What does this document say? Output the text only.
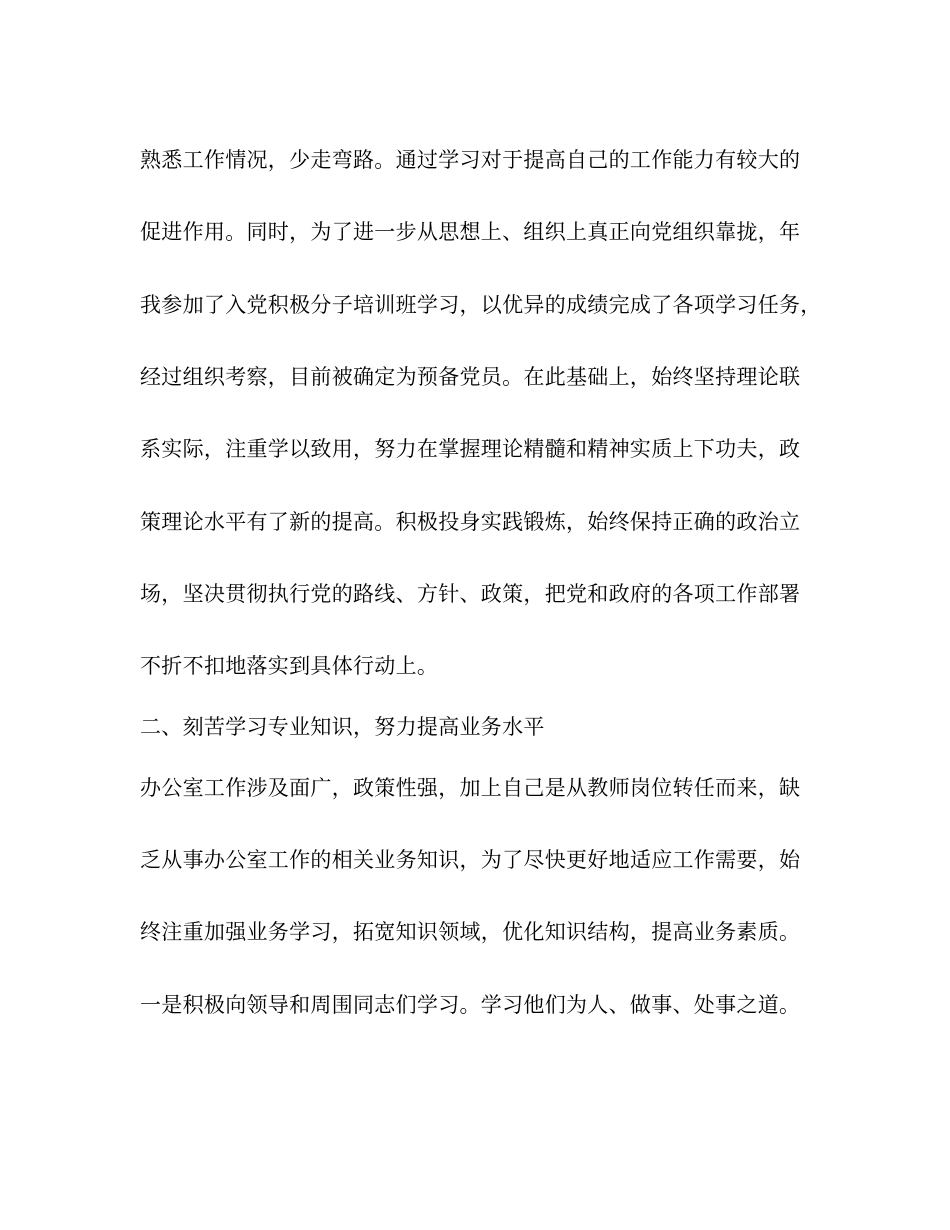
熟悉工作情况，少走弯路。通过学习对于提高自己的工作能力有较大的
促进作用。同时，为了进一步从思想上、组织上真正向党组织靠拢，年
我参加了入党积极分子培训班学习，以优异的成绩完成了各项学习任务，
经过组织考察，目前被确定为预备党员。在此基础上，始终坚持理论联
系实际，注重学以致用，努力在掌握理论精髓和精神实质上下功夫，政
策理论水平有了新的提高。积极投身实践锻炼，始终保持正确的政治立
场，坚决贯彻执行党的路线、方针、政策，把党和政府的各项工作部署
不折不扣地落实到具体行动上。
二、刻苦学习专业知识，努力提高业务水平
办公室工作涉及面广，政策性强，加上自己是从教师岗位转任而来，缺
乏从事办公室工作的相关业务知识，为了尽快更好地适应工作需要，始
终注重加强业务学习，拓宽知识领域，优化知识结构，提高业务素质。
一是积极向领导和周围同志们学习。学习他们为人、做事、处事之道。
